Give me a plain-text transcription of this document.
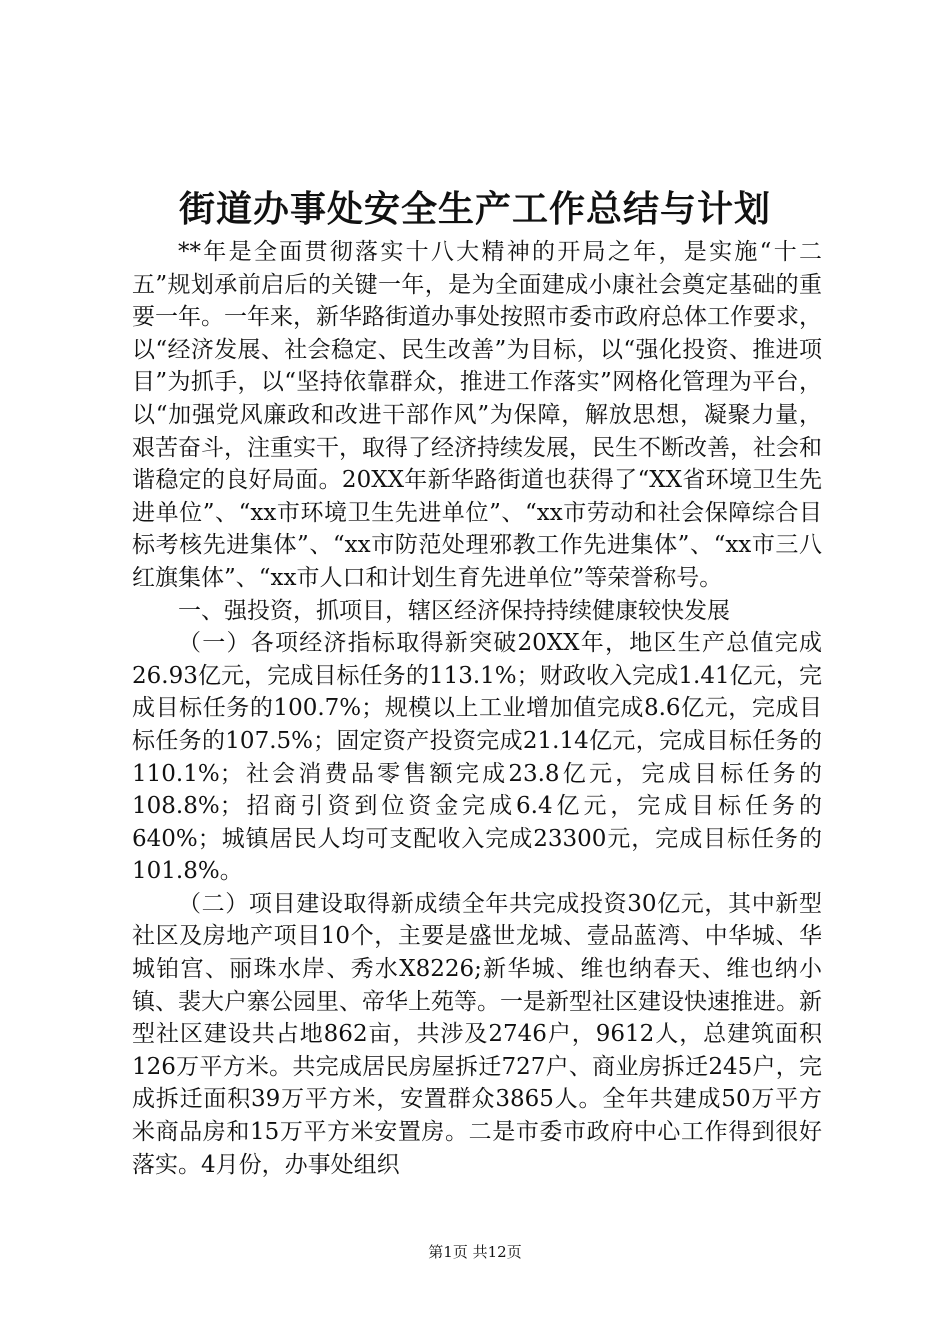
街道办事处安全生产工作总结与计划

**年是全面贯彻落实十八大精神的开局之年，是实施“十二五”规划承前启后的关键一年，是为全面建成小康社会奠定基础的重要一年。一年来，新华路街道办事处按照市委市政府总体工作要求，以“经济发展、社会稳定、民生改善”为目标，以“强化投资、推进项目”为抓手，以“坚持依靠群众，推进工作落实”网格化管理为平台，以“加强党风廉政和改进干部作风”为保障，解放思想，凝聚力量，艰苦奋斗，注重实干，取得了经济持续发展，民生不断改善，社会和谐稳定的良好局面。20XX年新华路街道也获得了“XX省环境卫生先进单位”、“xx市环境卫生先进单位”、“xx市劳动和社会保障综合目标考核先进集体”、“xx市防范处理邪教工作先进集体”、“xx市三八红旗集体”、“xx市人口和计划生育先进单位”等荣誉称号。

一、强投资，抓项目，辖区经济保持持续健康较快发展

（一）各项经济指标取得新突破20XX年，地区生产总值完成26.93亿元，完成目标任务的113.1%；财政收入完成1.41亿元，完成目标任务的100.7%；规模以上工业增加值完成8.6亿元，完成目标任务的107.5%；固定资产投资完成21.14亿元，完成目标任务的110.1%；社会消费品零售额完成23.8亿元，完成目标任务的108.8%；招商引资到位资金完成6.4亿元，完成目标任务的640%；城镇居民人均可支配收入完成23300元，完成目标任务的101.8%。

（二）项目建设取得新成绩全年共完成投资30亿元，其中新型社区及房地产项目10个，主要是盛世龙城、壹品蓝湾、中华城、华城铂宫、丽珠水岸、秀水X8226;新华城、维也纳春天、维也纳小镇、裴大户寨公园里、帝华上苑等。一是新型社区建设快速推进。新型社区建设共占地862亩，共涉及2746户，9612人，总建筑面积126万平方米。共完成居民房屋拆迁727户、商业房拆迁245户，完成拆迁面积39万平方米，安置群众3865人。全年共建成50万平方米商品房和15万平方米安置房。二是市委市政府中心工作得到很好落实。4月份，办事处组织

第1页 共12页
